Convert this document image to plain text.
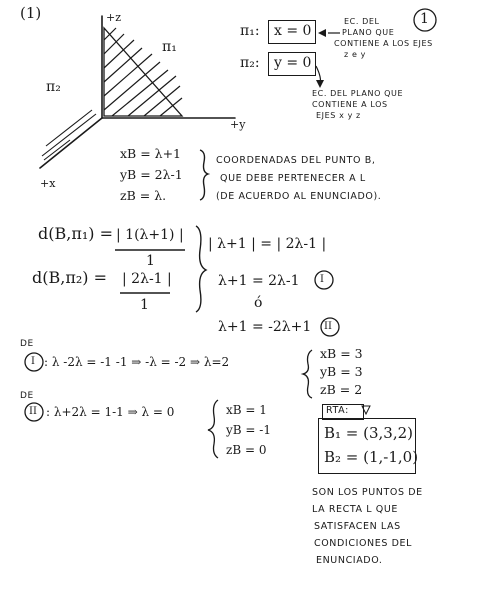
(1)	1
+z
+y
+x
π₁
π₂
π₁: x = 0
EC. DEL
PLANO QUE
CONTIENE A LOS EJES
z e y
π₂: y = 0
EC. DEL PLANO QUE
CONTIENE A LOS
EJES x y z
xB = λ+1
yB = 2λ-1
zB = λ.
COORDENADAS DEL PUNTO B,
QUE DEBE PERTENECER A L
(DE ACUERDO AL ENUNCIADO).
d(B,π₁) = | 1(λ+1) |
1
d(B,π₂) = | 2λ-1 |
1
| λ+1 | = | 2λ-1 |
λ+1 = 2λ-1 I
ó
λ+1 = -2λ+1 II
DE
I : λ -2λ = -1 -1 ⇒ -λ = -2 ⇒ λ=2
xB = 3
yB = 3
zB = 2
DE
II : λ+2λ = 1-1 ⇒ λ = 0	xB = 1
yB = -1
zB = 0
RTA:
B₁ = (3,3,2)
B₂ = (1,-1,0)
SON LOS PUNTOS DE
LA RECTA L QUE
SATISFACEN LAS
CONDICIONES DEL
ENUNCIADO.
